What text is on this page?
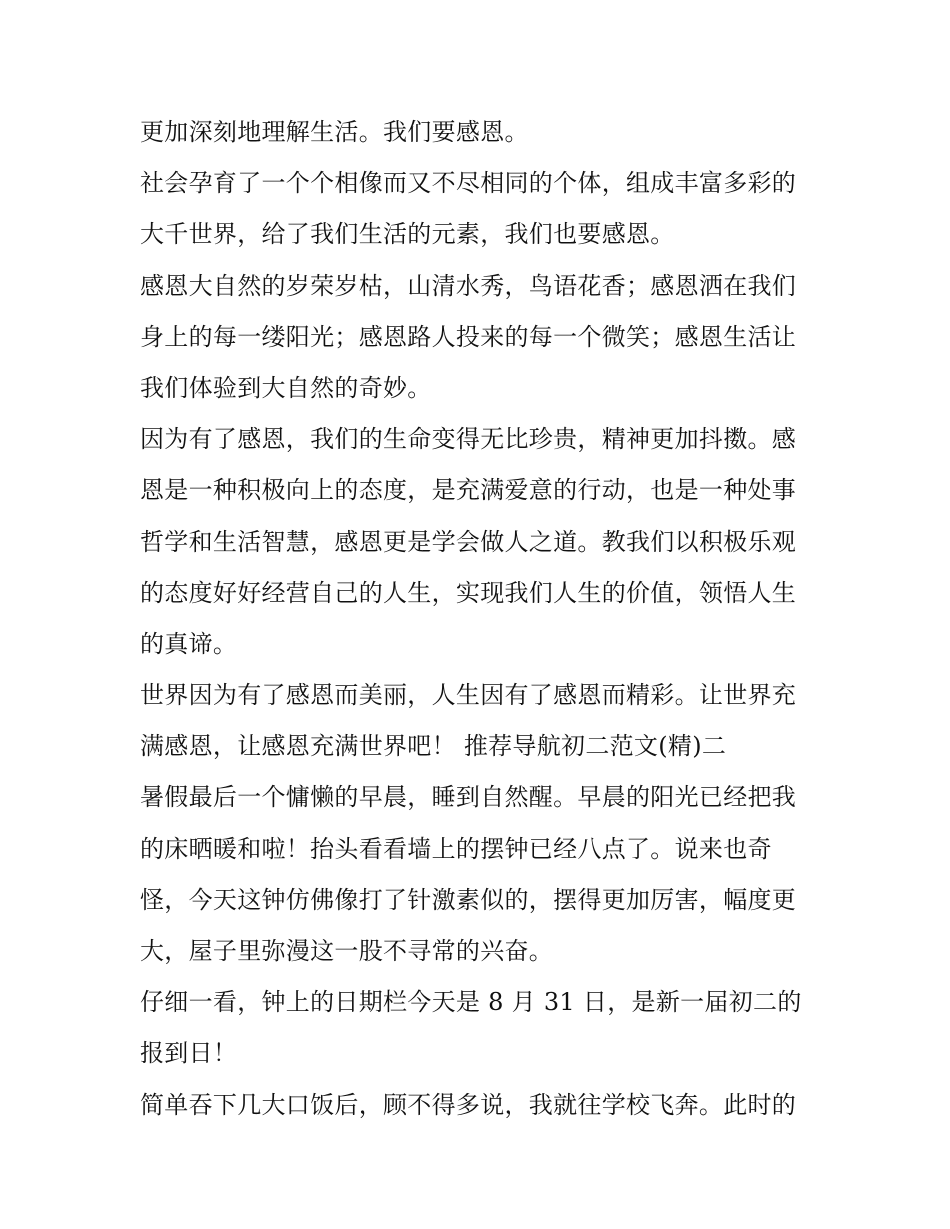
更加深刻地理解生活。我们要感恩。
社会孕育了一个个相像而又不尽相同的个体，组成丰富多彩的
大千世界，给了我们生活的元素，我们也要感恩。
感恩大自然的岁荣岁枯，山清水秀，鸟语花香；感恩洒在我们
身上的每一缕阳光；感恩路人投来的每一个微笑；感恩生活让
我们体验到大自然的奇妙。
因为有了感恩，我们的生命变得无比珍贵，精神更加抖擞。感
恩是一种积极向上的态度，是充满爱意的行动，也是一种处事
哲学和生活智慧，感恩更是学会做人之道。教我们以积极乐观
的态度好好经营自己的人生，实现我们人生的价值，领悟人生
的真谛。
世界因为有了感恩而美丽，人生因有了感恩而精彩。让世界充
满感恩，让感恩充满世界吧！ 推荐导航初二范文(精)二
暑假最后一个慵懒的早晨，睡到自然醒。早晨的阳光已经把我
的床晒暖和啦！抬头看看墙上的摆钟已经八点了。说来也奇
怪，今天这钟仿佛像打了针激素似的，摆得更加厉害，幅度更
大，屋子里弥漫这一股不寻常的兴奋。
仔细一看，钟上的日期栏今天是 8 月 31 日，是新一届初二的
报到日！
简单吞下几大口饭后，顾不得多说，我就往学校飞奔。此时的
